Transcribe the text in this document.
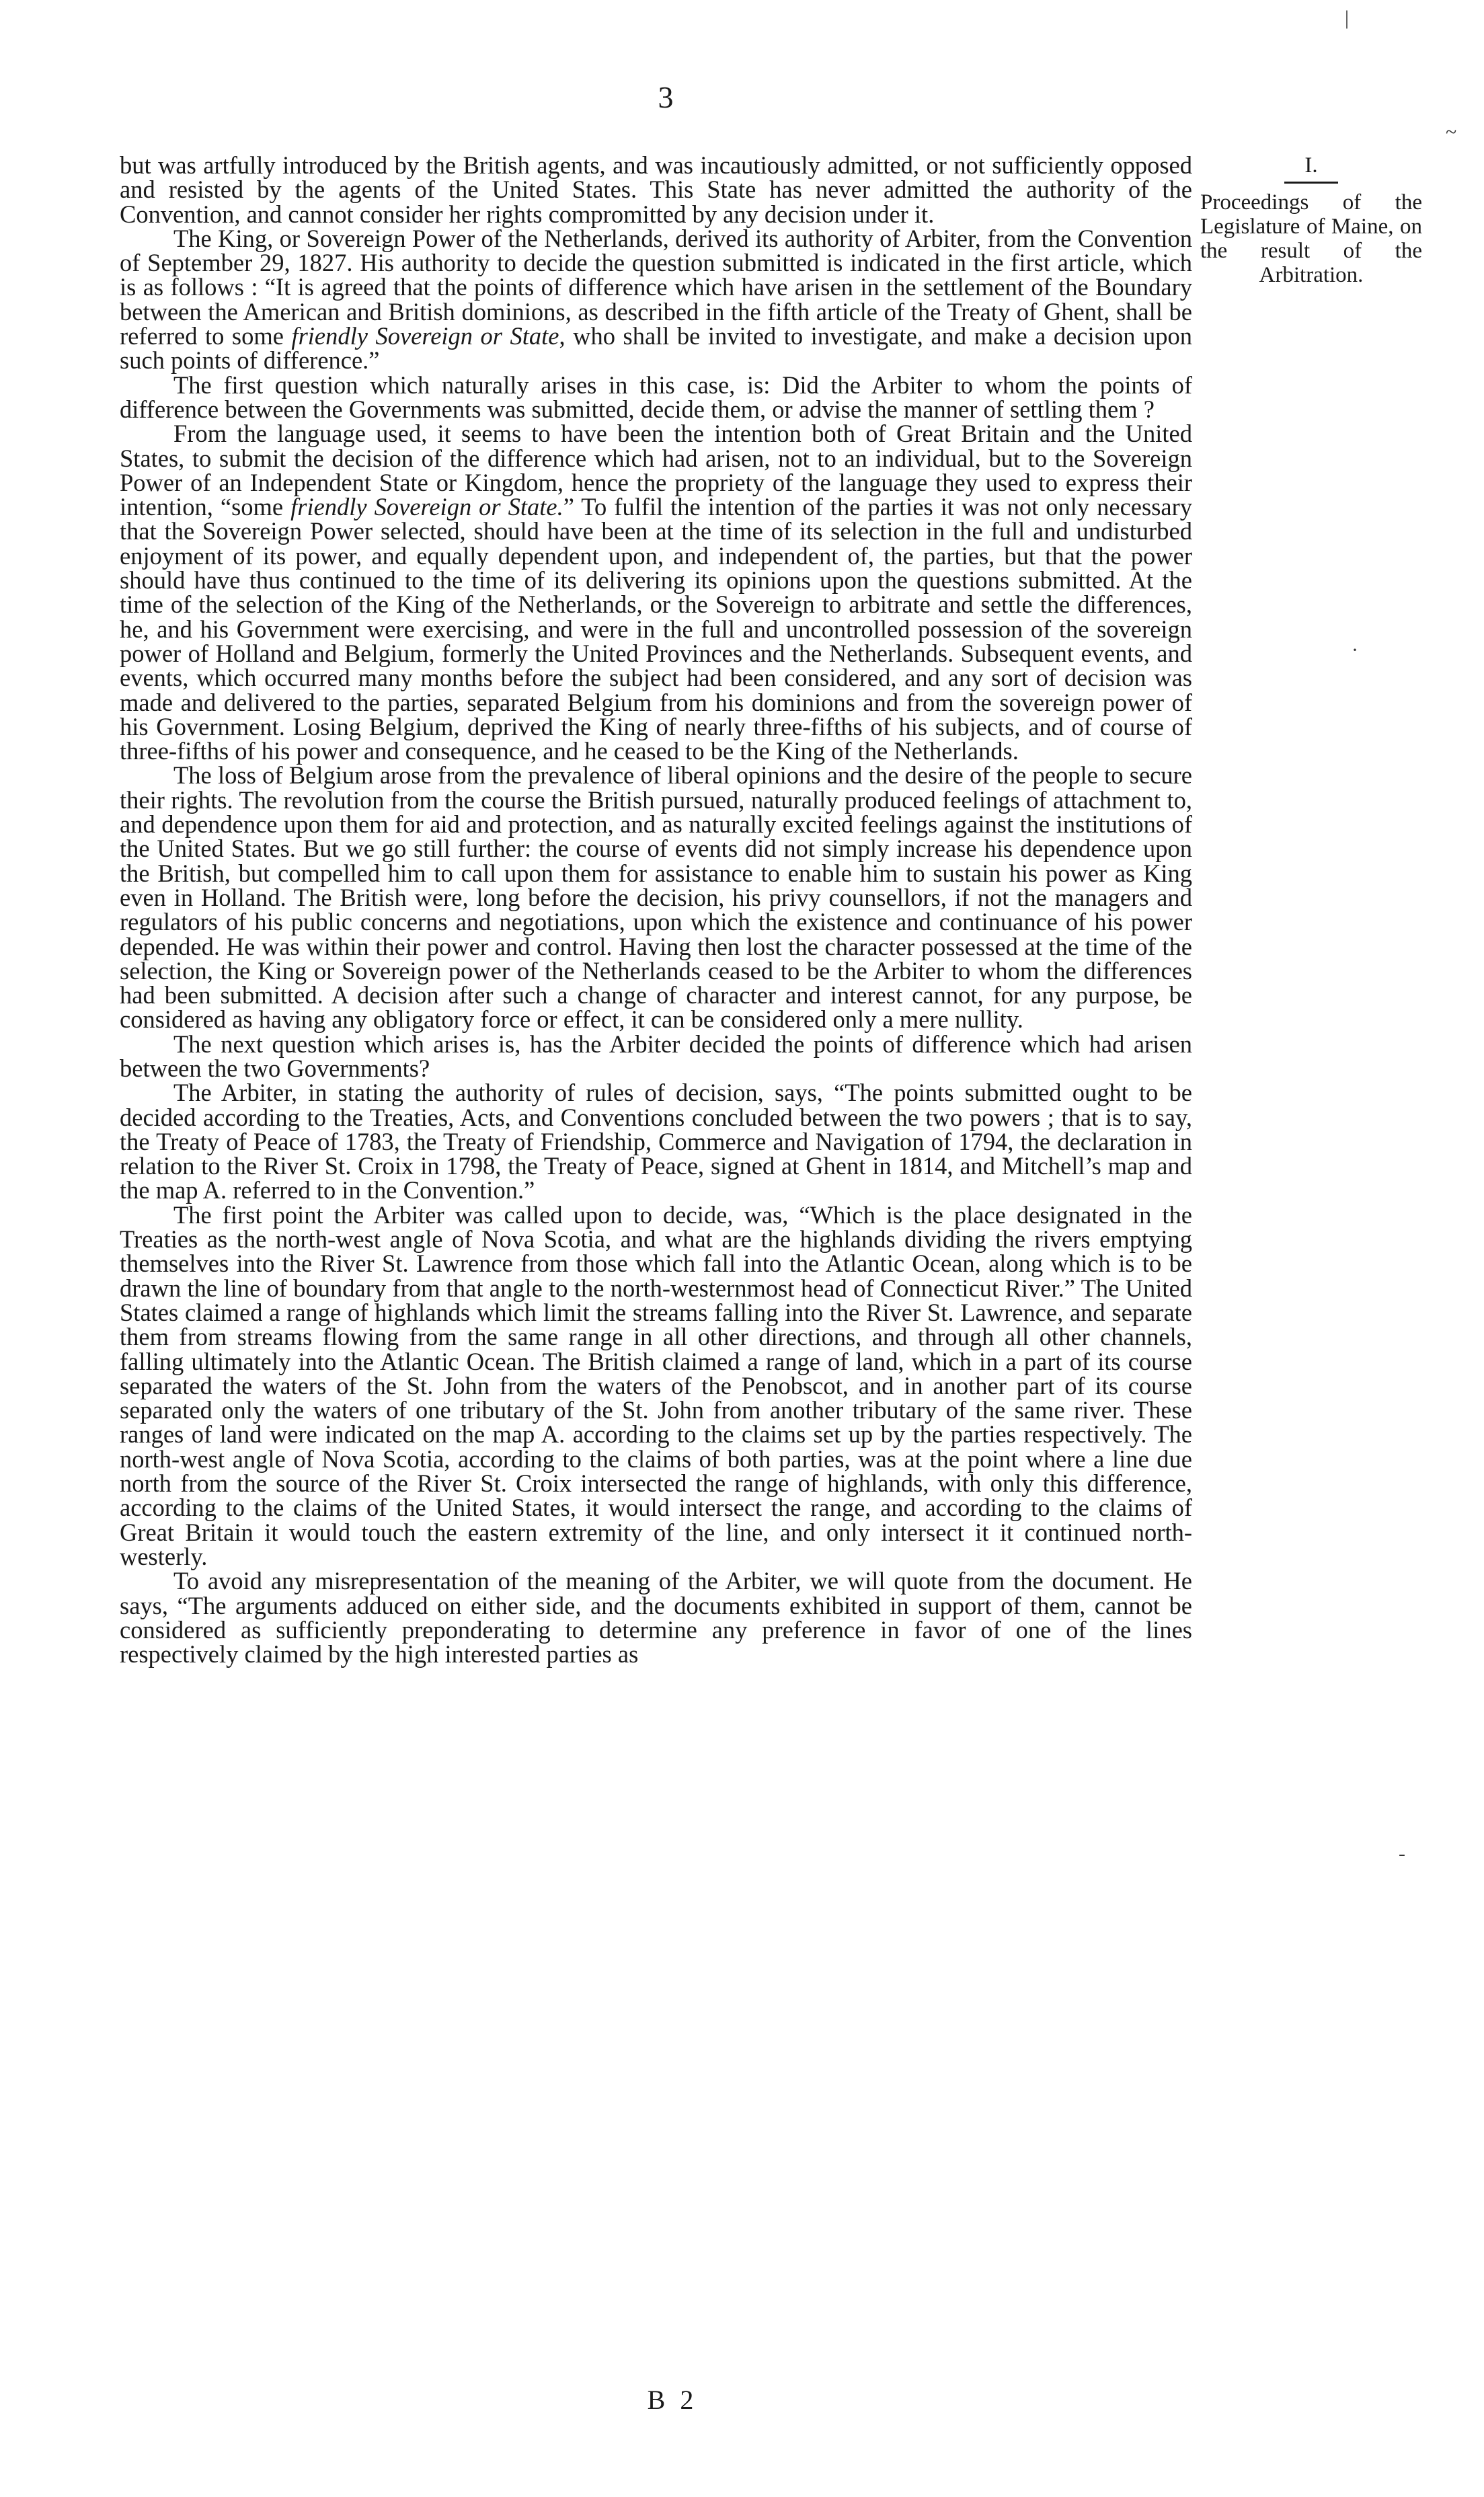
3
I.
Proceedings of the Legislature of Maine, on the result of the Arbitration.

but was artfully introduced by the British agents, and was incautiously admitted, or not sufficiently opposed and resisted by the agents of the United States. This State has never admitted the authority of the Convention, and cannot consider her rights compromitted by any decision under it.

The King, or Sovereign Power of the Netherlands, derived its authority of Arbiter, from the Convention of September 29, 1827. His authority to decide the question submitted is indicated in the first article, which is as follows : “It is agreed that the points of difference which have arisen in the settlement of the Boundary between the American and British dominions, as described in the fifth article of the Treaty of Ghent, shall be referred to some friendly Sovereign or State, who shall be invited to investigate, and make a decision upon such points of difference.”

The first question which naturally arises in this case, is: Did the Arbiter to whom the points of difference between the Governments was submitted, decide them, or advise the manner of settling them ?

From the language used, it seems to have been the intention both of Great Britain and the United States, to submit the decision of the difference which had arisen, not to an individual, but to the Sovereign Power of an Independent State or Kingdom, hence the propriety of the language they used to express their intention, “some friendly Sovereign or State.” To fulfil the intention of the parties it was not only necessary that the Sovereign Power selected, should have been at the time of its selection in the full and undisturbed enjoyment of its power, and equally dependent upon, and independent of, the parties, but that the power should have thus continued to the time of its delivering its opinions upon the questions submitted. At the time of the selection of the King of the Netherlands, or the Sovereign to arbitrate and settle the differences, he, and his Government were exercising, and were in the full and uncontrolled possession of the sovereign power of Holland and Belgium, formerly the United Provinces and the Netherlands. Subsequent events, and events, which occurred many months before the subject had been considered, and any sort of decision was made and delivered to the parties, separated Belgium from his dominions and from the sovereign power of his Government. Losing Belgium, deprived the King of nearly three-fifths of his subjects, and of course of three-fifths of his power and consequence, and he ceased to be the King of the Netherlands.

The loss of Belgium arose from the prevalence of liberal opinions and the desire of the people to secure their rights. The revolution from the course the British pursued, naturally produced feelings of attachment to, and dependence upon them for aid and protection, and as naturally excited feelings against the institutions of the United States. But we go still further: the course of events did not simply increase his dependence upon the British, but compelled him to call upon them for assistance to enable him to sustain his power as King even in Holland. The British were, long before the decision, his privy counsellors, if not the managers and regulators of his public concerns and negotiations, upon which the existence and continuance of his power depended. He was within their power and control. Having then lost the character possessed at the time of the selection, the King or Sovereign power of the Netherlands ceased to be the Arbiter to whom the differences had been submitted. A decision after such a change of character and interest cannot, for any purpose, be considered as having any obligatory force or effect, it can be considered only a mere nullity.

The next question which arises is, has the Arbiter decided the points of difference which had arisen between the two Governments?

The Arbiter, in stating the authority of rules of decision, says, “The points submitted ought to be decided according to the Treaties, Acts, and Conventions concluded between the two powers ; that is to say, the Treaty of Peace of 1783, the Treaty of Friendship, Commerce and Navigation of 1794, the declaration in relation to the River St. Croix in 1798, the Treaty of Peace, signed at Ghent in 1814, and Mitchell’s map and the map A. referred to in the Convention.”

The first point the Arbiter was called upon to decide, was, “Which is the place designated in the Treaties as the north-west angle of Nova Scotia, and what are the highlands dividing the rivers emptying themselves into the River St. Lawrence from those which fall into the Atlantic Ocean, along which is to be drawn the line of boundary from that angle to the north-westernmost head of Connecticut River.” The United States claimed a range of highlands which limit the streams falling into the River St. Lawrence, and separate them from streams flowing from the same range in all other directions, and through all other channels, falling ultimately into the Atlantic Ocean. The British claimed a range of land, which in a part of its course separated the waters of the St. John from the waters of the Penobscot, and in another part of its course separated only the waters of one tributary of the St. John from another tributary of the same river. These ranges of land were indicated on the map A. according to the claims set up by the parties respectively. The north-west angle of Nova Scotia, according to the claims of both parties, was at the point where a line due north from the source of the River St. Croix intersected the range of highlands, with only this difference, according to the claims of the United States, it would intersect the range, and according to the claims of Great Britain it would touch the eastern extremity of the line, and only intersect it it continued north-westerly.

To avoid any misrepresentation of the meaning of the Arbiter, we will quote from the document. He says, “The arguments adduced on either side, and the documents exhibited in support of them, cannot be considered as sufficiently preponderating to determine any preference in favor of one of the lines respectively claimed by the high interested parties as

B 2
|
~
·
-
